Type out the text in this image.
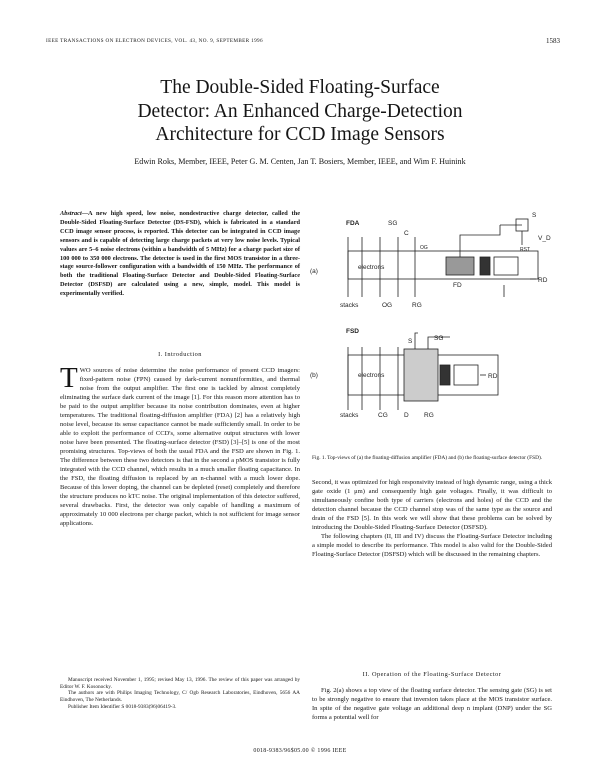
IEEE TRANSACTIONS ON ELECTRON DEVICES, VOL. 43, NO. 9, SEPTEMBER 1996	1583
The Double-Sided Floating-Surface
Detector: An Enhanced Charge-Detection
Architecture for CCD Image Sensors
Edwin Roks, Member, IEEE, Peter G. M. Centen, Jan T. Bosiers, Member, IEEE, and Wim F. Huinink
Abstract—A new high speed, low noise, nondestructive charge detector, called the Double-Sided Floating-Surface Detector (DS-FSD), which is fabricated in a standard CCD image sensor process, is reported. This detector can be integrated in CCD image sensors and is capable of detecting large charge packets at very low noise levels. Typical values are 5–6 noise electrons (within a bandwidth of 5 MHz) for a charge packet size of 100 000 to 350 000 electrons. The detector is used in the first MOS transistor in a three-stage source-follower configuration with a bandwidth of 150 MHz. The performance of both the traditional Floating-Surface Detector and Double-Sided Floating-Surface Detector (DSFSD) are calculated using a new, simple, model. This model is experimentally verified.
I. Introduction

TWO sources of noise determine the noise performance of present CCD imagers: fixed-pattern noise (FPN) caused by dark-current nonuniformities, and thermal noise from the output amplifier. The first one is tackled by almost completely eliminating the surface dark current of the image [1]. For this reason more attention has to be paid to the output amplifier because its noise contribution dominates, even at higher temperatures. The traditional floating-diffusion amplifier (FDA) [2] has a relatively high noise level, because its sense capacitance cannot be made sufficiently small. In order to be able to exploit the performance of CCD's, some alternative output structures with lower noise have been presented. The floating-surface detector (FSD) [3]–[5] is one of the most promising structures. Top-views of both the usual FDA and the FSD are shown in Fig. 1. The difference between these two detectors is that in the second a pMOS transistor is fully integrated with the CCD channel, which results in a much smaller floating capacitance. In the FSD, the floating diffusion is replaced by an n-channel with a much lower dope. Because of this lower doping, the channel can be depleted (reset) completely and therefore the structure produces no kTC noise. The original implementation of this detector suffered, several drawbacks. First, the detector was only capable of handling a maximum of approximately 10 000 electrons per charge packet, which is not sufficient for image sensor applications.

Manuscript received November 1, 1995; revised May 13, 1996. The review of this paper was arranged by Editor W. F. Kosonocky.

The authors are with Philips Imaging Technology, C/ Ogb Research Laboratories, Eindhoven, 5656 AA Eindhoven, The Netherlands.

Publisher Item Identifier S 0018-9383(96)06419-3.

0018-9383/96$05.00 © 1996 IEEE
(a)
FDA	SG
C
S
V_D
RD
RST
OG
electrons
FD
stacks	OG	RG
(b)
FSD
S	SG
electrons	RD
stacks	CG	D RG
Fig. 1. Top-views of (a) the floating-diffusion amplifier (FDA) and (b) the floating-surface detector (FSD).

Second, it was optimized for high responsivity instead of high dynamic range, using a thick gate oxide (1 μm) and consequently high gate voltages. Finally, it was difficult to simultaneously confine both type of carriers (electrons and holes) of the CCD and the detection channel because the CCD channel stop was of the same type as the source and drain of the FSD [5]. In this work we will show that these problems can be solved by introducing the Double-Sided Floating-Surface Detector (DSFSD).

The following chapters (II, III and IV) discuss the Floating-Surface Detector including a simple model to describe its performance. This model is also valid for the Double-Sided Floating-Surface Detector (DSFSD) which will be discussed in the remaining chapters.

II. Operation of the Floating-Surface Detector

Fig. 2(a) shows a top view of the floating surface detector. The sensing gate (SG) is set to be strongly negative to ensure that inversion takes place at the MOS transistor surface. In spite of the negative gate voltage an additional deep n implant (DNP) under the SG forms a potential well for
